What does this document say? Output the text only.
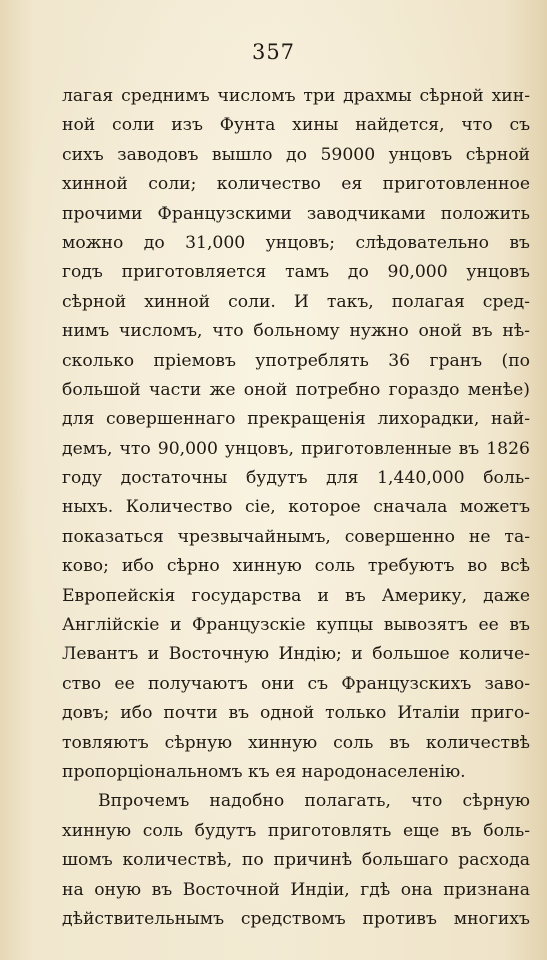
357
лагая среднимъ числомъ три драхмы сѣрной хин-
ной соли изъ Фунта хины найдется, что съ
сихъ заводовъ вышло до 59000 унцовъ сѣрной
хинной соли; количество ея приготовленное
прочими Французскими заводчиками положить
можно до 31,000 унцовъ; слѣдовательно въ
годъ приготовляется тамъ до 90,000 унцовъ
сѣрной хинной соли. И такъ, полагая сред-
нимъ числомъ, что больному нужно оной въ нѣ-
сколько пріемовъ употреблять 36 гранъ (по
большой части же оной потребно гораздо менѣе)
для совершеннаго прекращенія лихорадки, най-
демъ, что 90,000 унцовъ, приготовленные въ 1826
году достаточны будутъ для 1,440,000 боль-
ныхъ. Количество сіе, которое сначала можетъ
показаться чрезвычайнымъ, совершенно не та-
ково; ибо сѣрно хинную соль требуютъ во всѣ
Европейскія государства и въ Америку, даже
Англійскіе и Французскіе купцы вывозятъ ее въ
Левантъ и Восточную Индію; и большое количе-
ство ее получаютъ они съ Французскихъ заво-
довъ; ибо почти въ одной только Италіи приго-
товляютъ сѣрную хинную соль въ количествѣ
пропорціональномъ къ ея народонаселенію.
Впрочемъ надобно полагать, что сѣрную
хинную соль будутъ приготовлять еще въ боль-
шомъ количествѣ, по причинѣ большаго расхода
на оную въ Восточной Индіи, гдѣ она признана
дѣйствительнымъ средствомъ противъ многихъ
